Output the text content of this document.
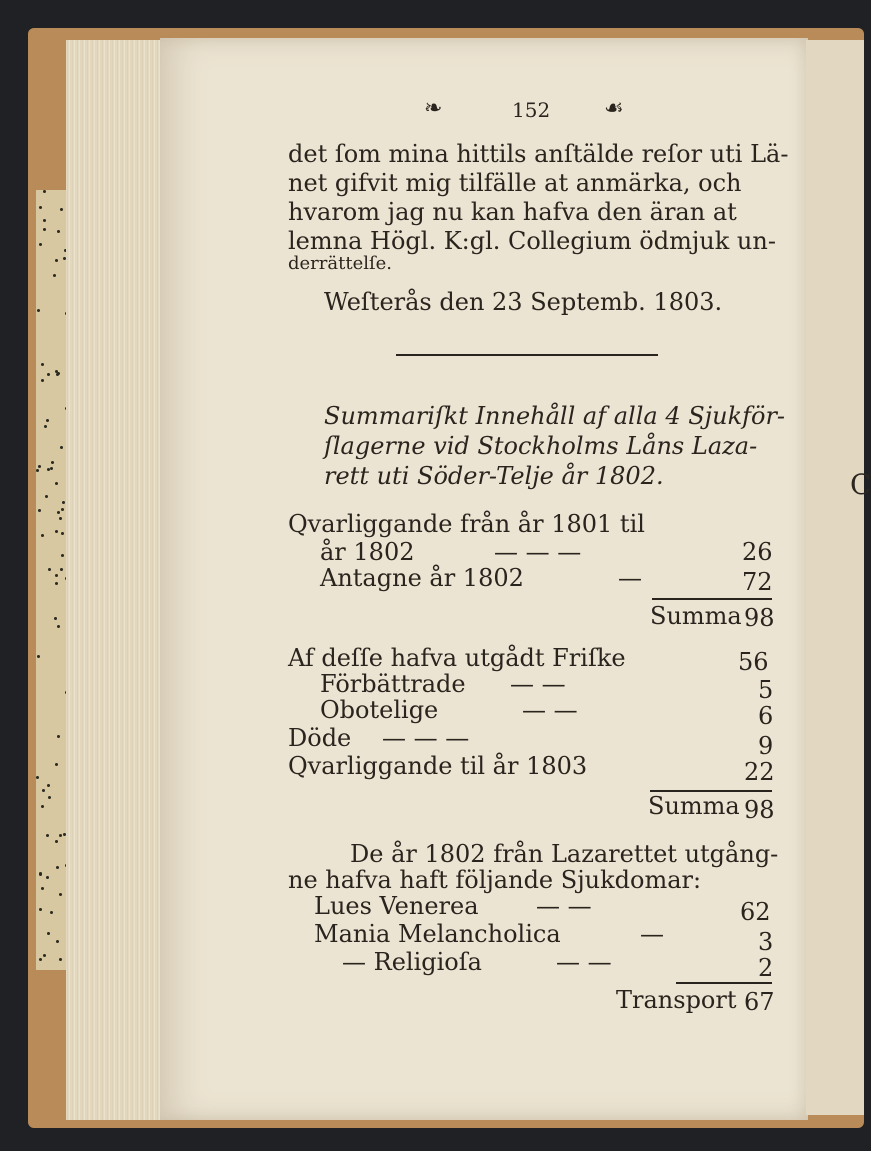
C
❧	152 ☙
det ſom mina hittils anſtälde reſor uti Lä-
net gifvit mig tilfälle at anmärka, och
hvarom jag nu kan hafva den äran at
lemna Högl. K:gl. Collegium ödmjuk un-
derrättelſe.
Weſterås den 23 Septemb. 1803.
Summariſkt Innehåll af alla 4 Sjukför-
ſlagerne vid Stockholms Låns Laza-
rett uti Söder-Telje år 1802.
Qvarliggande från år 1801 til
år 1802	— — —	26
Antagne år 1802	—	72
Summa 98
Af deſſe hafva utgådt Friſke	56
Förbättrade — —	5
Obotelige	— —	6
Döde — — —	9
Qvarliggande til år 1803	22
Summa 98
De år 1802 från Lazarettet utgång-
ne hafva haft följande Sjukdomar:
Lues Venerea — —	62
Mania Melancholica	—	3
— Religioſa	— —	2
Transport 67
